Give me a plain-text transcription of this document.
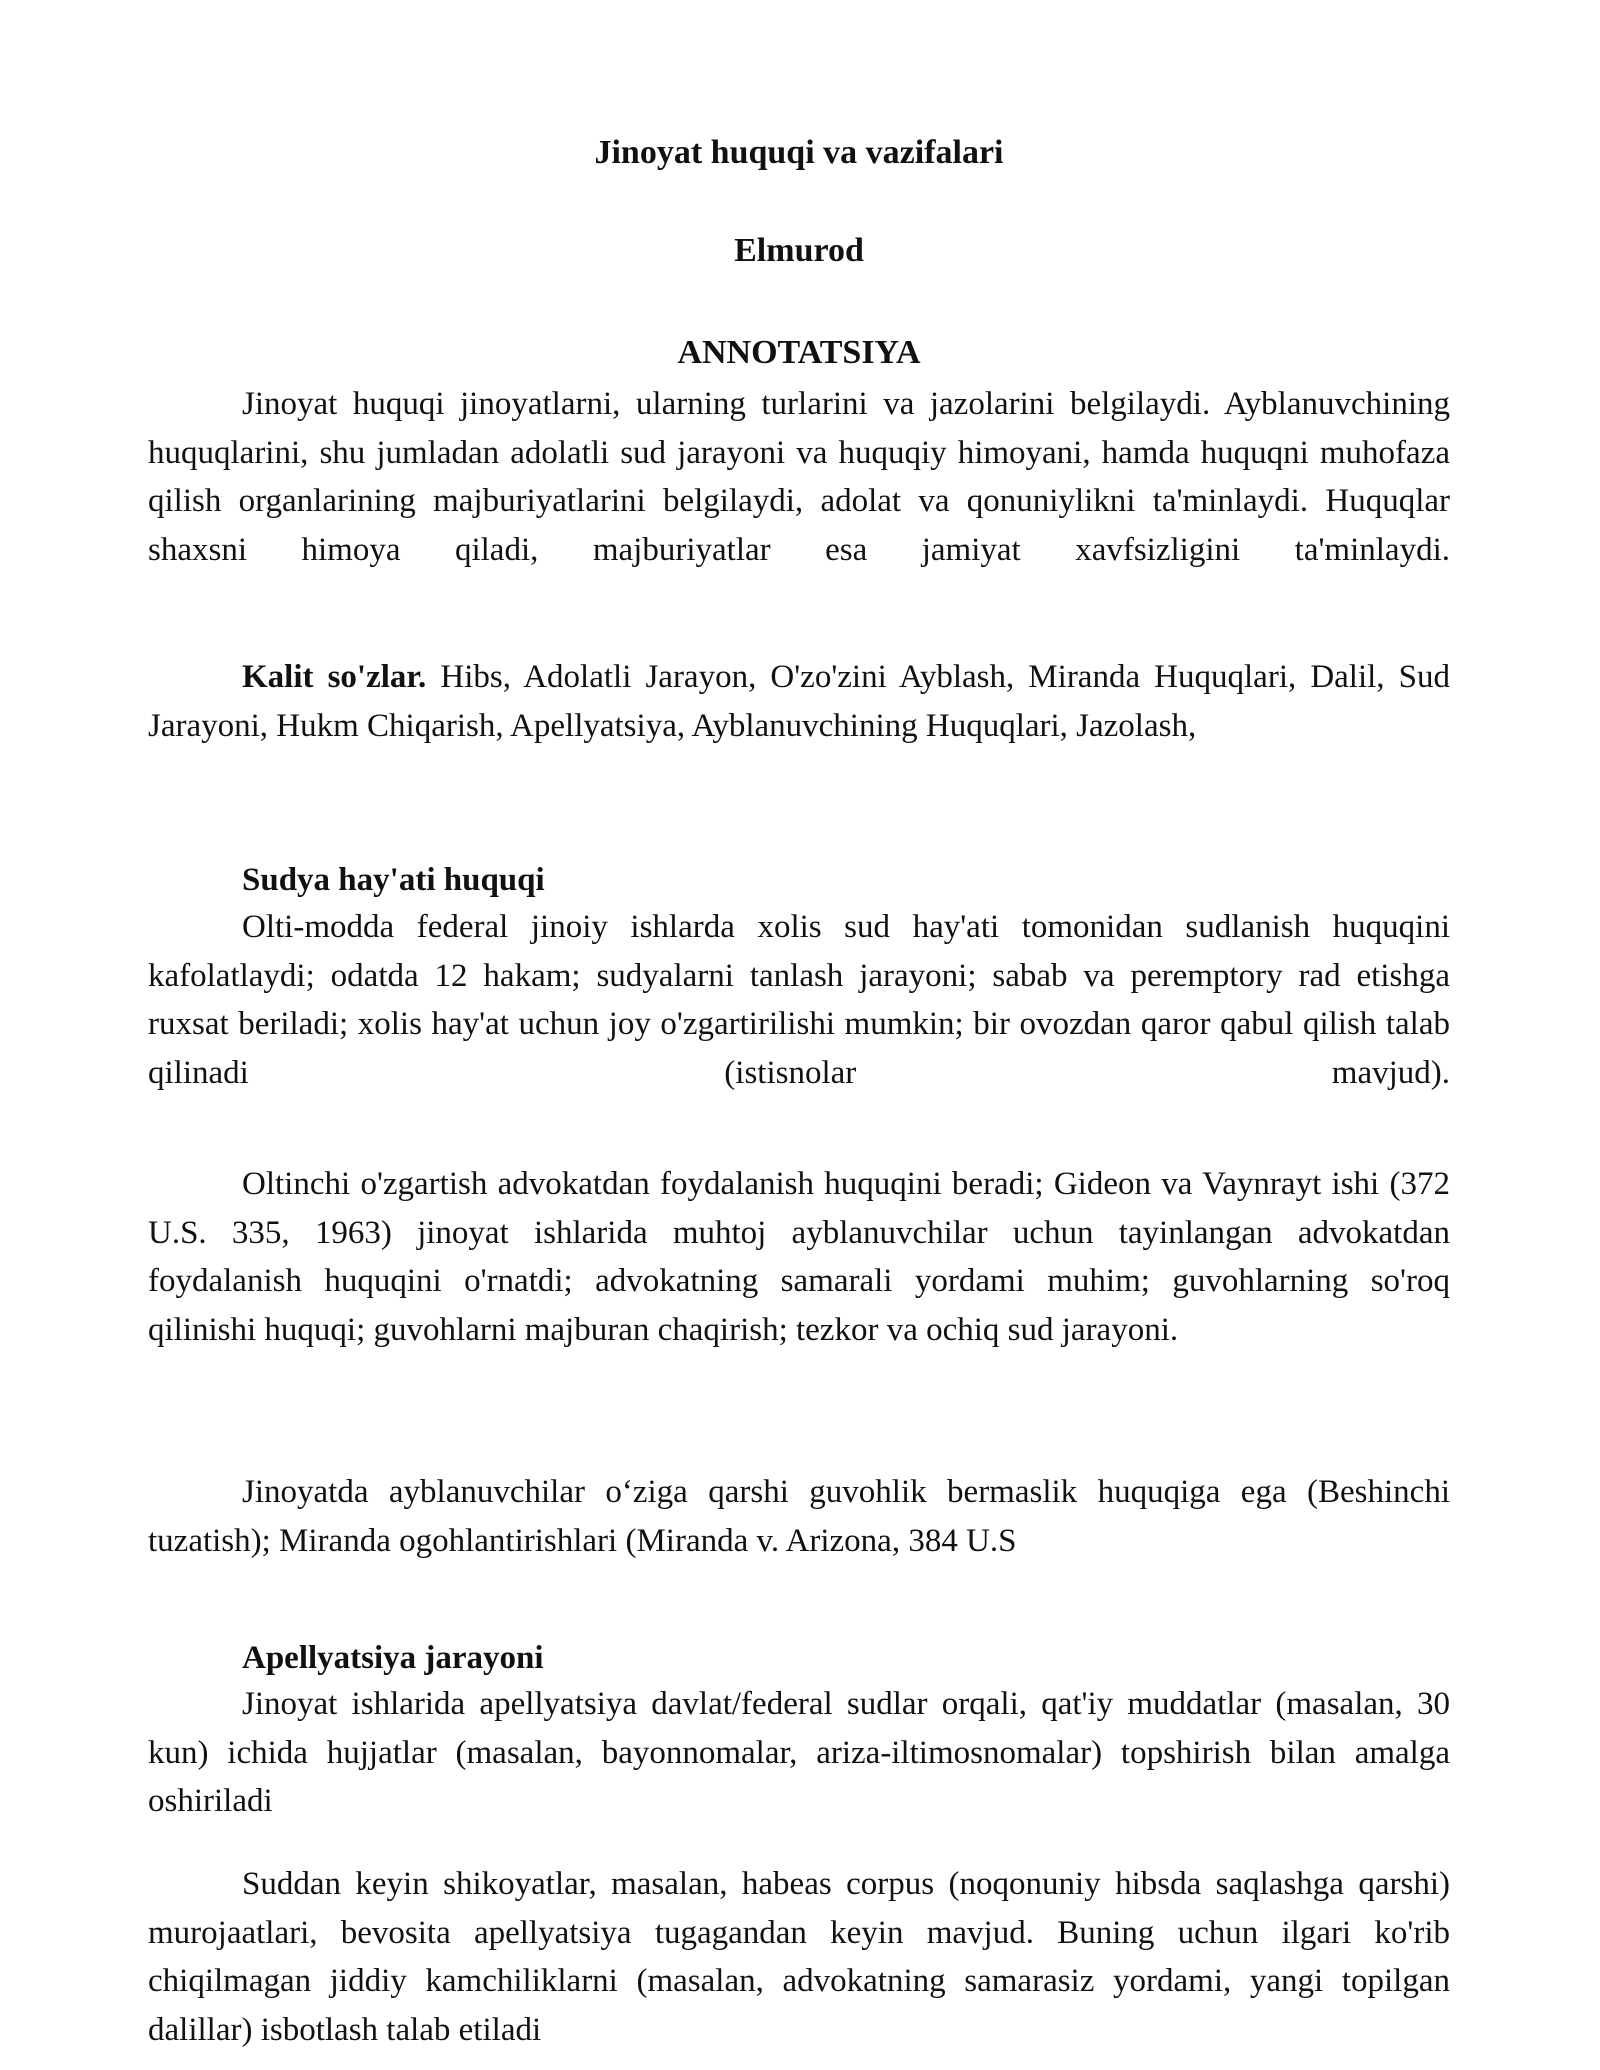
Jinoyat huquqi va vazifalari
Elmurod
ANNOTATSIYA

Jinoyat huquqi jinoyatlarni, ularning turlarini va jazolarini belgilaydi. Ayblanuvchining huquqlarini, shu jumladan adolatli sud jarayoni va huquqiy himoyani, hamda huquqni muhofaza qilish organlarining majburiyatlarini belgilaydi, adolat va qonuniylikni ta'minlaydi. Huquqlar shaxsni himoya qiladi, majburiyatlar esa jamiyat xavfsizligini ta'minlaydi.

Kalit so'zlar. Hibs, Adolatli Jarayon, O'zo'zini Ayblash, Miranda Huquqlari, Dalil, Sud Jarayoni, Hukm Chiqarish, Apellyatsiya, Ayblanuvchining Huquqlari, Jazolash,

Sudya hay'ati huquqi

Olti-modda federal jinoiy ishlarda xolis sud hay'ati tomonidan sudlanish huquqini kafolatlaydi; odatda 12 hakam; sudyalarni tanlash jarayoni; sabab va peremptory rad etishga ruxsat beriladi; xolis hay'at uchun joy o'zgartirilishi mumkin; bir ovozdan qaror qabul qilish talab qilinadi (istisnolar mavjud).

Oltinchi o'zgartish advokatdan foydalanish huquqini beradi; Gideon va Vaynrayt ishi (372 U.S. 335, 1963) jinoyat ishlarida muhtoj ayblanuvchilar uchun tayinlangan advokatdan foydalanish huquqini o'rnatdi; advokatning samarali yordami muhim; guvohlarning so'roq qilinishi huquqi; guvohlarni majburan chaqirish; tezkor va ochiq sud jarayoni.

Jinoyatda ayblanuvchilar o‘ziga qarshi guvohlik bermaslik huquqiga ega (Beshinchi tuzatish); Miranda ogohlantirishlari (Miranda v. Arizona, 384 U.S

Apellyatsiya jarayoni

Jinoyat ishlarida apellyatsiya davlat/federal sudlar orqali, qat'iy muddatlar (masalan, 30 kun) ichida hujjatlar (masalan, bayonnomalar, ariza-iltimosnomalar) topshirish bilan amalga oshiriladi

Suddan keyin shikoyatlar, masalan, habeas corpus (noqonuniy hibsda saqlashga qarshi) murojaatlari, bevosita apellyatsiya tugagandan keyin mavjud. Buning uchun ilgari ko'rib chiqilmagan jiddiy kamchiliklarni (masalan, advokatning samarasiz yordami, yangi topilgan dalillar) isbotlash talab etiladi
